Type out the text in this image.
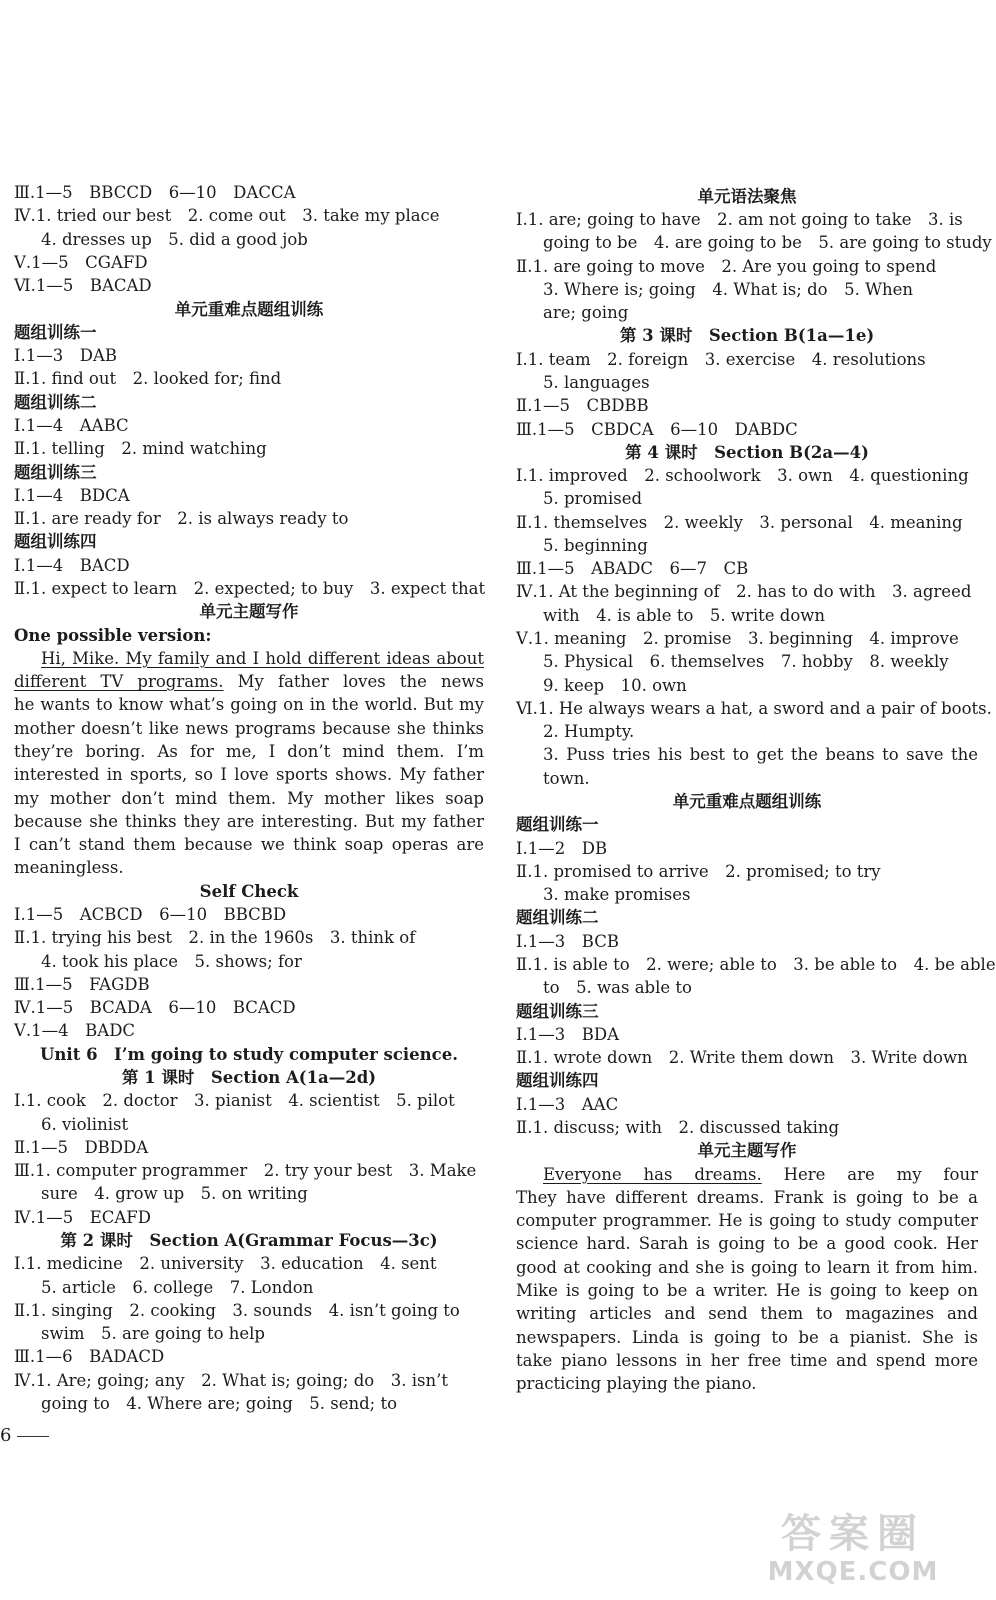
Ⅲ.1—5　BBCCD　6—10　DACCA
Ⅳ.1. tried our best　2. come out　3. take my place
4. dresses up　5. did a good job
Ⅴ.1—5　CGAFD
Ⅵ.1—5　BACAD
单元重难点题组训练
题组训练一
Ⅰ.1—3　DAB
Ⅱ.1. find out　2. looked for; find
题组训练二
Ⅰ.1—4　AABC
Ⅱ.1. telling　2. mind watching
题组训练三
Ⅰ.1—4　BDCA
Ⅱ.1. are ready for　2. is always ready to
题组训练四
Ⅰ.1—4　BACD
Ⅱ.1. expect to learn　2. expected; to buy　3. expect that
单元主题写作
One possible version:
Hi, Mike. My family and I hold different ideas about
different TV programs. My father loves the news
he wants to know what’s going on in the world. But my
mother doesn’t like news programs because she thinks
they’re boring. As for me, I don’t mind them. I’m
interested in sports, so I love sports shows. My father
my mother don’t mind them. My mother likes soap
because she thinks they are interesting. But my father
I can’t stand them because we think soap operas are
meaningless.
Self Check
Ⅰ.1—5　ACBCD　6—10　BBCBD
Ⅱ.1. trying his best　2. in the 1960s　3. think of
4. took his place　5. shows; for
Ⅲ.1—5　FAGDB
Ⅳ.1—5　BCADA　6—10　BCACD
Ⅴ.1—4　BADC
Unit 6　I’m going to study computer science.
第 1 课时　Section A(1a—2d)
Ⅰ.1. cook　2. doctor　3. pianist　4. scientist　5. pilot
6. violinist
Ⅱ.1—5　DBDDA
Ⅲ.1. computer programmer　2. try your best　3. Make
sure　4. grow up　5. on writing
Ⅳ.1—5　ECAFD
第 2 课时　Section A(Grammar Focus—3c)
Ⅰ.1. medicine　2. university　3. education　4. sent
5. article　6. college　7. London
Ⅱ.1. singing　2. cooking　3. sounds　4. isn’t going to
swim　5. are going to help
Ⅲ.1—6　BADACD
Ⅳ.1. Are; going; any　2. What is; going; do　3. isn’t
going to　4. Where are; going　5. send; to
单元语法聚焦
Ⅰ.1. are; going to have　2. am not going to take　3. is
going to be　4. are going to be　5. are going to study
Ⅱ.1. are going to move　2. Are you going to spend
3. Where is; going　4. What is; do　5. When
are; going
第 3 课时　Section B(1a—1e)
Ⅰ.1. team　2. foreign　3. exercise　4. resolutions
5. languages
Ⅱ.1—5　CBDBB
Ⅲ.1—5　CBDCA　6—10　DABDC
第 4 课时　Section B(2a—4)
Ⅰ.1. improved　2. schoolwork　3. own　4. questioning
5. promised
Ⅱ.1. themselves　2. weekly　3. personal　4. meaning
5. beginning
Ⅲ.1—5　ABADC　6—7　CB
Ⅳ.1. At the beginning of　2. has to do with　3. agreed
with　4. is able to　5. write down
Ⅴ.1. meaning　2. promise　3. beginning　4. improve
5. Physical　6. themselves　7. hobby　8. weekly
9. keep　10. own
Ⅵ.1. He always wears a hat, a sword and a pair of boots.
2. Humpty.
3. Puss tries his best to get the beans to save the
town.
单元重难点题组训练
题组训练一
Ⅰ.1—2　DB
Ⅱ.1. promised to arrive　2. promised; to try
3. make promises
题组训练二
Ⅰ.1—3　BCB
Ⅱ.1. is able to　2. were; able to　3. be able to　4. be able
to　5. was able to
题组训练三
Ⅰ.1—3　BDA
Ⅱ.1. wrote down　2. Write them down　3. Write down
题组训练四
Ⅰ.1—3　AAC
Ⅱ.1. discuss; with　2. discussed taking
单元主题写作
Everyone has dreams. Here are my four
They have different dreams. Frank is going to be a
computer programmer. He is going to study computer
science hard. Sarah is going to be a good cook. Her
good at cooking and she is going to learn it from him.
Mike is going to be a writer. He is going to keep on
writing articles and send them to magazines and
newspapers. Linda is going to be a pianist. She is
take piano lessons in her free time and spend more
practicing playing the piano.
6
答案圈
MXQE.COM
